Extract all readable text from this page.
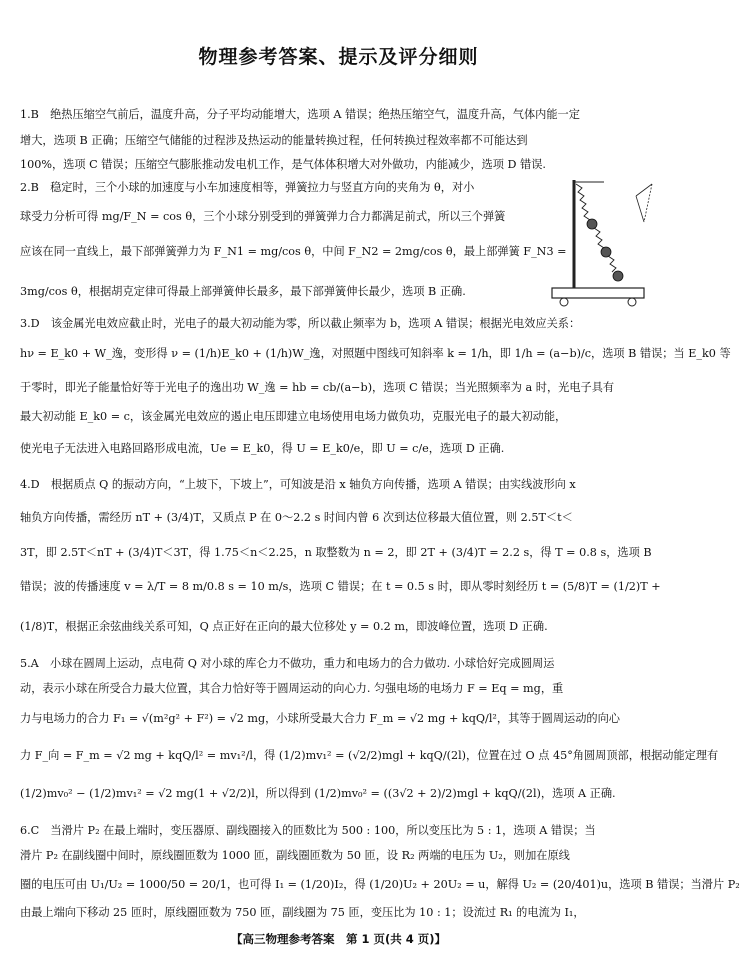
物理参考答案、提示及评分细则
1.B　绝热压缩空气前后，温度升高，分子平均动能增大，选项 A 错误；绝热压缩空气，温度升高，气体内能一定
增大，选项 B 正确；压缩空气储能的过程涉及热运动的能量转换过程，任何转换过程效率都不可能达到
100%，选项 C 错误；压缩空气膨胀推动发电机工作，是气体体积增大对外做功，内能减少，选项 D 错误.
2.B　稳定时，三个小球的加速度与小车加速度相等，弹簧拉力与竖直方向的夹角为 θ，对小
球受力分析可得 mg/F_N = cos θ，三个小球分别受到的弹簧弹力合力都满足前式，所以三个弹簧
应该在同一直线上，最下部弹簧弹力为 F_N1 = mg/cos θ，中间 F_N2 = 2mg/cos θ，最上部弹簧 F_N3 =
3mg/cos θ，根据胡克定律可得最上部弹簧伸长最多，最下部弹簧伸长最少，选项 B 正确.
3.D　该金属光电效应截止时，光电子的最大初动能为零，所以截止频率为 b，选项 A 错误；根据光电效应关系：
hν = E_k0 + W_逸，变形得 ν = (1/h)E_k0 + (1/h)W_逸，对照题中图线可知斜率 k = 1/h，即 1/h = (a−b)/c，选项 B 错误；当 E_k0 等
于零时，即光子能量恰好等于光电子的逸出功 W_逸 = hb = cb/(a−b)，选项 C 错误；当光照频率为 a 时，光电子具有
最大初动能 E_k0 = c，该金属光电效应的遏止电压即建立电场使用电场力做负功，克服光电子的最大初动能，
使光电子无法进入电路回路形成电流，Ue = E_k0，得 U = E_k0/e，即 U = c/e，选项 D 正确.
4.D　根据质点 Q 的振动方向，“上坡下，下坡上”，可知波是沿 x 轴负方向传播，选项 A 错误；由实线波形向 x
轴负方向传播，需经历 nT + (3/4)T，又质点 P 在 0～2.2 s 时间内曾 6 次到达位移最大值位置，则 2.5T＜t＜
3T，即 2.5T＜nT + (3/4)T＜3T，得 1.75＜n＜2.25，n 取整数为 n = 2，即 2T + (3/4)T = 2.2 s，得 T = 0.8 s，选项 B
错误；波的传播速度 v = λ/T = 8 m/0.8 s = 10 m/s，选项 C 错误；在 t = 0.5 s 时，即从零时刻经历 t = (5/8)T = (1/2)T +
(1/8)T，根据正余弦曲线关系可知，Q 点正好在正向的最大位移处 y = 0.2 m，即波峰位置，选项 D 正确.
5.A　小球在圆周上运动，点电荷 Q 对小球的库仑力不做功，重力和电场力的合力做功. 小球恰好完成圆周运
动，表示小球在所受合力最大位置，其合力恰好等于圆周运动的向心力. 匀强电场的电场力 F = Eq = mg，重
力与电场力的合力 F₁ = √(m²g² + F²) = √2 mg，小球所受最大合力 F_m = √2 mg + kqQ/l²，其等于圆周运动的向心
力 F_向 = F_m = √2 mg + kqQ/l² = mv₁²/l，得 (1/2)mv₁² = (√2/2)mgl + kqQ/(2l)，位置在过 O 点 45°角圆周顶部，根据动能定理有
(1/2)mv₀² − (1/2)mv₁² = √2 mg(1 + √2/2)l，所以得到 (1/2)mv₀² = ((3√2 + 2)/2)mgl + kqQ/(2l)，选项 A 正确.
6.C　当滑片 P₂ 在最上端时，变压器原、副线圈接入的匝数比为 500 : 100，所以变压比为 5 : 1，选项 A 错误；当
滑片 P₂ 在副线圈中间时，原线圈匝数为 1000 匝，副线圈匝数为 50 匝，设 R₂ 两端的电压为 U₂，则加在原线
圈的电压可由 U₁/U₂ = 1000/50 = 20/1，也可得 I₁ = (1/20)I₂，得 (1/20)U₂ + 20U₂ = u，解得 U₂ = (20/401)u，选项 B 错误；当滑片 P₂
由最上端向下移动 25 匝时，原线圈匝数为 750 匝，副线圈为 75 匝，变压比为 10 : 1；设流过 R₁ 的电流为 I₁，
【高三物理参考答案　第 1 页(共 4 页)】
